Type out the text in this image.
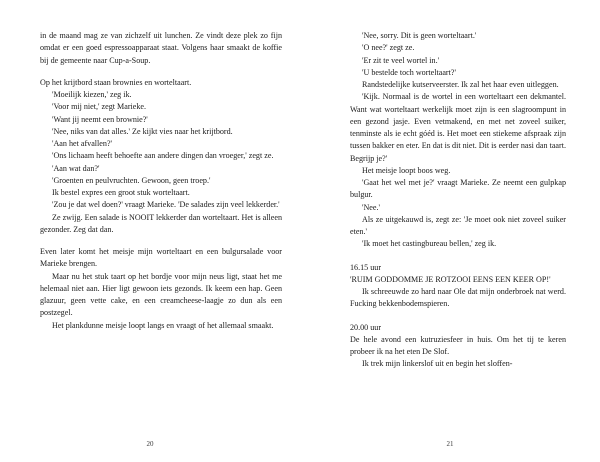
in de maand mag ze van zichzelf uit lunchen. Ze vindt deze plek zo fijn omdat er een goed espressoapparaat staat. Volgens haar smaakt de koffie bij de gemeente naar Cup-a-Soup.

Op het krijtbord staan brownies en worteltaart.

'Moeilijk kiezen,' zeg ik.

'Voor mij niet,' zegt Marieke.

'Want jij neemt een brownie?'

'Nee, niks van dat alles.' Ze kijkt vies naar het krijtbord.

'Aan het afvallen?'

'Ons lichaam heeft behoefte aan andere dingen dan vroeger,' zegt ze.

'Aan wat dan?'

'Groenten en peulvruchten. Gewoon, geen troep.'

Ik bestel expres een groot stuk worteltaart.

'Zou je dat wel doen?' vraagt Marieke. 'De salades zijn veel lekkerder.'

Ze zwijg. Een salade is NOOIT lekkerder dan worteltaart. Het is alleen gezonder. Zeg dat dan.

Even later komt het meisje mijn worteltaart en een bulgursalade voor Marieke brengen.

Maar nu het stuk taart op het bordje voor mijn neus ligt, staat het me helemaal niet aan. Hier ligt gewoon iets gezonds. Ik keem een hap. Geen glazuur, geen vette cake, en een creamcheese-laagje zo dun als een postzegel.

Het plankdunne meisje loopt langs en vraagt of het allemaal smaakt.

20

'Nee, sorry. Dit is geen worteltaart.'

'O nee?' zegt ze.

'Er zit te veel wortel in.'

'U bestelde toch worteltaart?'

Randstedelijke kutserveerster. Ik zal het haar even uitleggen.

'Kijk. Normaal is de wortel in een worteltaart een dekmantel. Want wat worteltaart werkelijk moet zijn is een slagroompunt in een gezond jasje. Even vetmakend, en met net zoveel suiker, tenminste als ie echt góéd is. Het moet een stiekeme afspraak zijn tussen bakker en eter. En dat is dit niet. Dit is eerder nasi dan taart. Begrijp je?'

Het meisje loopt boos weg.

'Gaat het wel met je?' vraagt Marieke. Ze neemt een gulpkap bulgur.

'Nee.'

Als ze uitgekauwd is, zegt ze: 'Je moet ook niet zoveel suiker eten.'

'Ik moet het castingbureau bellen,' zeg ik.

16.15 uur
'RUIM GODDOMME JE ROTZOOI EENS EEN KEER OP!'

Ik schreeuwde zo hard naar Ole dat mijn onderbroek nat werd. Fucking bekkenbodemspieren.

20.00 uur

De hele avond een kutruziesfeer in huis. Om het tij te keren probeer ik na het eten De Slof.

Ik trek mijn linkerslof uit en begin het sloffen-

21
